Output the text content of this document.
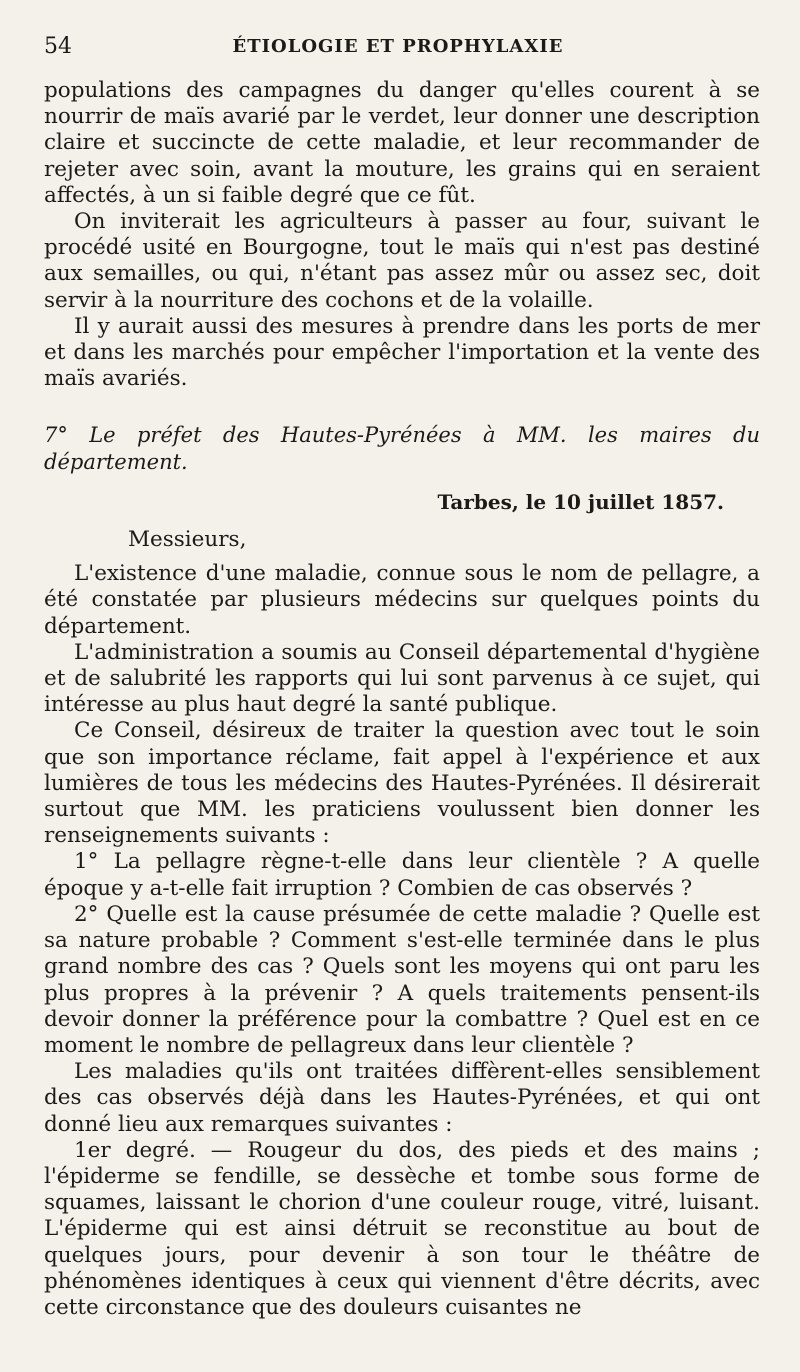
54	ÉTIOLOGIE ET PROPHYLAXIE

populations des campagnes du danger qu'elles courent à se nourrir de maïs avarié par le verdet, leur donner une description claire et succincte de cette maladie, et leur recommander de rejeter avec soin, avant la mouture, les grains qui en seraient affectés, à un si faible degré que ce fût.

On inviterait les agriculteurs à passer au four, suivant le procédé usité en Bourgogne, tout le maïs qui n'est pas destiné aux semailles, ou qui, n'étant pas assez mûr ou assez sec, doit servir à la nourriture des cochons et de la volaille.

Il y aurait aussi des mesures à prendre dans les ports de mer et dans les marchés pour empêcher l'importation et la vente des maïs avariés.

7° Le préfet des Hautes-Pyrénées à MM. les maires du département.

Tarbes, le 10 juillet 1857.

Messieurs,

L'existence d'une maladie, connue sous le nom de pellagre, a été constatée par plusieurs médecins sur quelques points du département.

L'administration a soumis au Conseil départemental d'hygiène et de salubrité les rapports qui lui sont parvenus à ce sujet, qui intéresse au plus haut degré la santé publique.

Ce Conseil, désireux de traiter la question avec tout le soin que son importance réclame, fait appel à l'expérience et aux lumières de tous les médecins des Hautes-Pyrénées. Il désirerait surtout que MM. les praticiens voulussent bien donner les renseignements suivants :

1° La pellagre règne-t-elle dans leur clientèle ? A quelle époque y a-t-elle fait irruption ? Combien de cas observés ?

2° Quelle est la cause présumée de cette maladie ? Quelle est sa nature probable ? Comment s'est-elle terminée dans le plus grand nombre des cas ? Quels sont les moyens qui ont paru les plus propres à la prévenir ? A quels traitements pensent-ils devoir donner la préférence pour la combattre ? Quel est en ce moment le nombre de pellagreux dans leur clientèle ?

Les maladies qu'ils ont traitées diffèrent-elles sensiblement des cas observés déjà dans les Hautes-Pyrénées, et qui ont donné lieu aux remarques suivantes :

1er degré. — Rougeur du dos, des pieds et des mains ; l'épiderme se fendille, se dessèche et tombe sous forme de squames, laissant le chorion d'une couleur rouge, vitré, luisant. L'épiderme qui est ainsi détruit se reconstitue au bout de quelques jours, pour devenir à son tour le théâtre de phénomènes identiques à ceux qui viennent d'être décrits, avec cette circonstance que des douleurs cuisantes ne
